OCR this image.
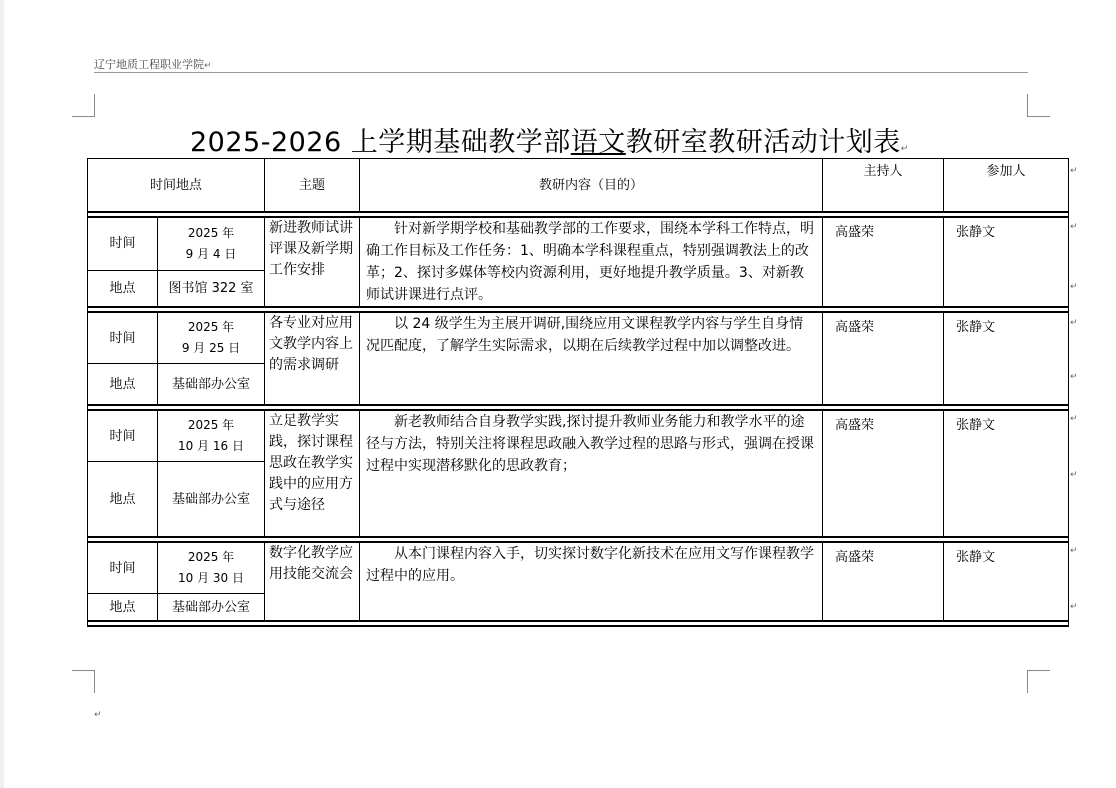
辽宁地质工程职业学院↵
2025-2026 上学期基础教学部语文教研室教研活动计划表↵
时间地点		主题	教研内容（目的）	主持人	参加人

时间	2025 年
9 月 4 日	新进教师试讲评课及新学期工作安排	针对新学期学校和基础教学部的工作要求，围绕本学科工作特点，明确工作目标及工作任务：1、明确本学科课程重点，特别强调教法上的改革；2、探讨多媒体等校内资源利用，更好地提升教学质量。3、对新教师试讲课进行点评。	高盛荣	张静文
地点	图书馆 322 室				

时间	2025 年
9 月 25 日	各专业对应用文教学内容上的需求调研	以 24 级学生为主展开调研,围绕应用文课程教学内容与学生自身情况匹配度，了解学生实际需求，以期在后续教学过程中加以调整改进。	高盛荣	张静文
地点	基础部办公室				

时间	2025 年
10 月 16 日	立足教学实践，探讨课程思政在教学实践中的应用方式与途径	新老教师结合自身教学实践,探讨提升教师业务能力和教学水平的途径与方法，特别关注将课程思政融入教学过程的思路与形式，强调在授课过程中实现潜移默化的思政教育；	高盛荣	张静文
地点	基础部办公室				

时间	2025 年
10 月 30 日	数字化教学应用技能交流会	从本门课程内容入手，切实探讨数字化新技术在应用文写作课程教学过程中的应用。	高盛荣	张静文
地点	基础部办公室				

↵
↵
↵
↵
↵
↵
↵
↵
↵
↵
